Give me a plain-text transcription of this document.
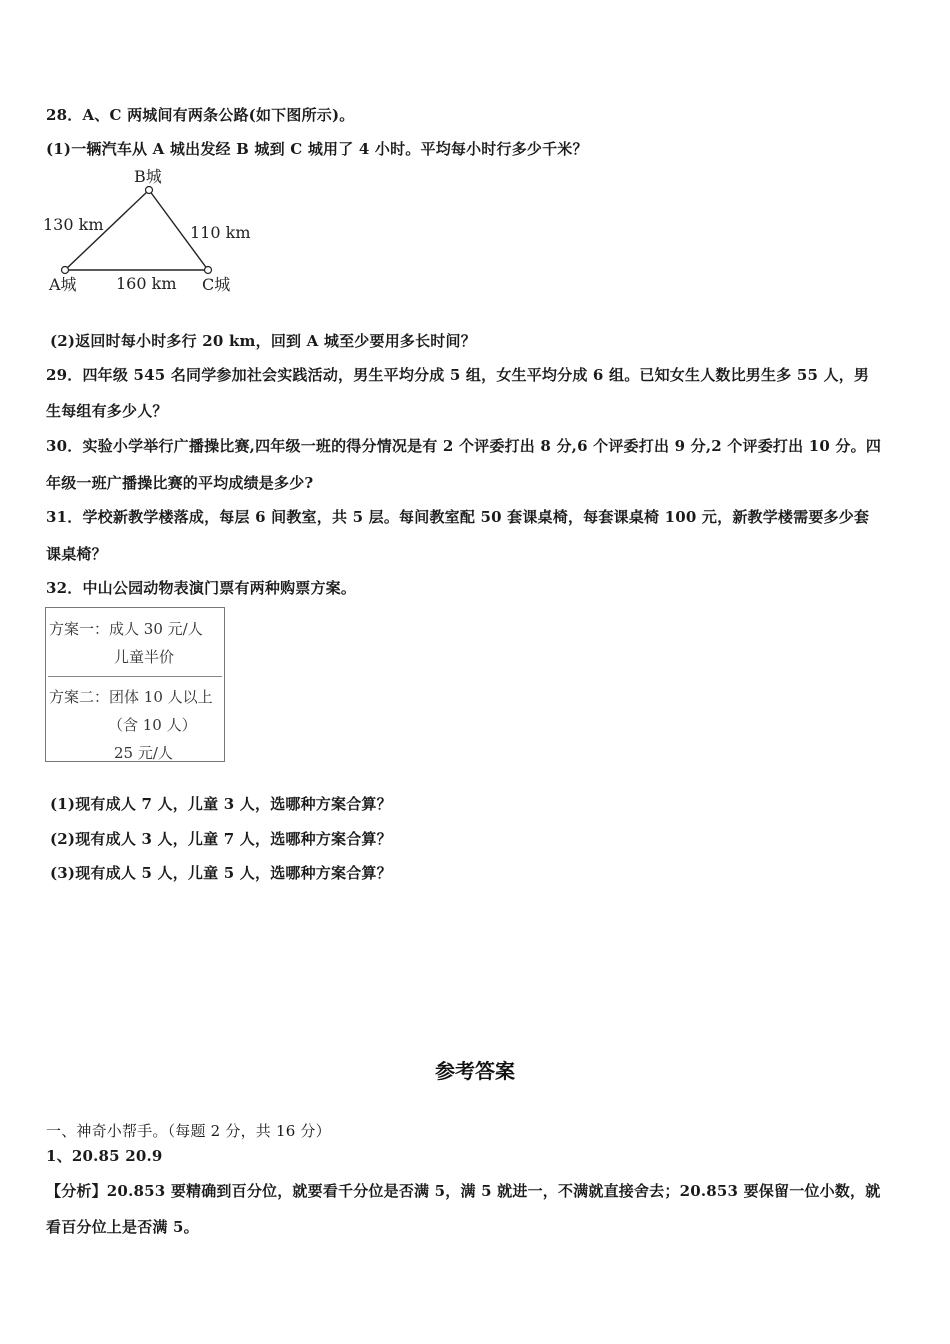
28．A、C 两城间有两条公路(如下图所示)。
(1)一辆汽车从 A 城出发经 B 城到 C 城用了 4 小时。平均每小时行多少千米？
B城
130 km	110 km
A城 160 km C城
(2)返回时每小时多行 20 km，回到 A 城至少要用多长时间？
29．四年级 545 名同学参加社会实践活动，男生平均分成 5 组，女生平均分成 6 组。已知女生人数比男生多 55 人，男
生每组有多少人？
30．实验小学举行广播操比赛,四年级一班的得分情况是有 2 个评委打出 8 分,6 个评委打出 9 分,2 个评委打出 10 分。四
年级一班广播操比赛的平均成绩是多少?
31．学校新教学楼落成，每层 6 间教室，共 5 层。每间教室配 50 套课桌椅，每套课桌椅 100 元，新教学楼需要多少套
课桌椅？
32．中山公园动物表演门票有两种购票方案。
方案一：成人 30 元/人
儿童半价
方案二：团体 10 人以上
（含 10 人）
25 元/人
(1)现有成人 7 人，儿童 3 人，选哪种方案合算？
(2)现有成人 3 人，儿童 7 人，选哪种方案合算？
(3)现有成人 5 人，儿童 5 人，选哪种方案合算？
参考答案
一、神奇小帮手。（每题 2 分，共 16 分）
1、20.85 20.9
【分析】20.853 要精确到百分位，就要看千分位是否满 5，满 5 就进一，不满就直接舍去；20.853 要保留一位小数，就
看百分位上是否满 5。
